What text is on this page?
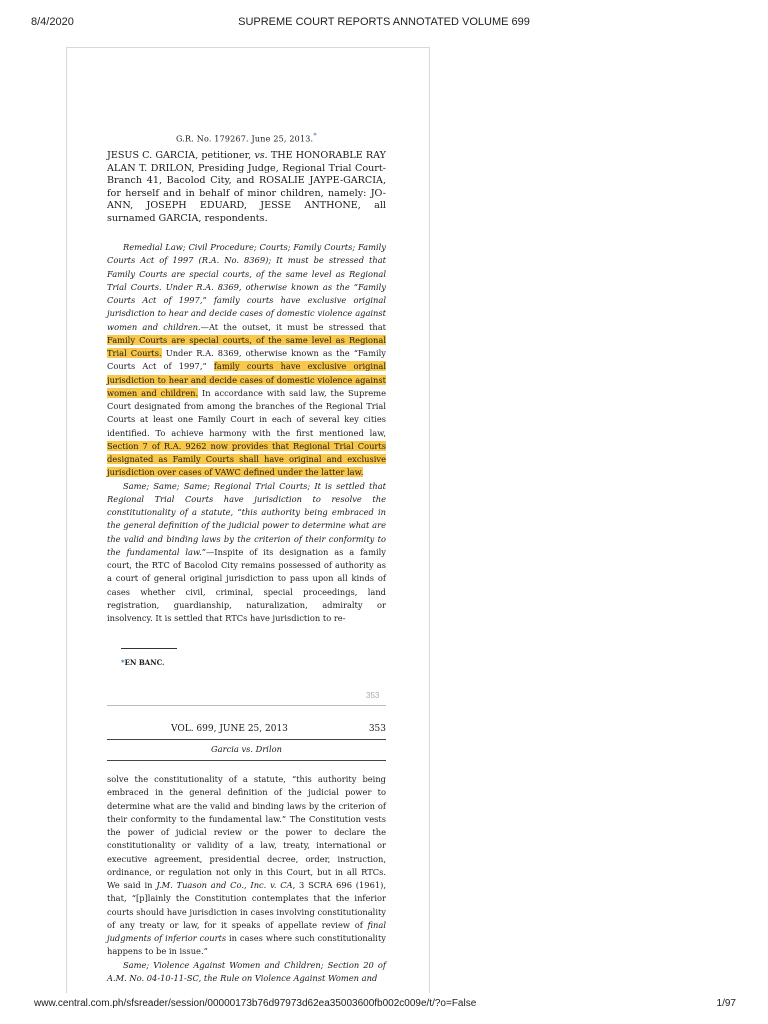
8/4/2020	SUPREME COURT REPORTS ANNOTATED VOLUME 699
G.R. No. 179267. June 25, 2013.*
JESUS C. GARCIA, petitioner, vs. THE HONORABLE RAY ALAN T. DRILON, Presiding Judge, Regional Trial Court-Branch 41, Bacolod City, and ROSALIE JAYPE-GARCIA, for herself and in behalf of minor children, namely: JO-ANN, JOSEPH EDUARD, JESSE ANTHONE, all surnamed GARCIA, respondents.

Remedial Law; Civil Procedure; Courts; Family Courts; Family Courts Act of 1997 (R.A. No. 8369); It must be stressed that Family Courts are special courts, of the same level as Regional Trial Courts. Under R.A. 8369, otherwise known as the “Family Courts Act of 1997,” family courts have exclusive original jurisdiction to hear and decide cases of domestic violence against women and children.—At the outset, it must be stressed that Family Courts are special courts, of the same level as Regional Trial Courts. Under R.A. 8369, otherwise known as the “Family Courts Act of 1997,” family courts have exclusive original jurisdiction to hear and decide cases of domestic violence against women and children. In accordance with said law, the Supreme Court designated from among the branches of the Regional Trial Courts at least one Family Court in each of several key cities identified. To achieve harmony with the first mentioned law, Section 7 of R.A. 9262 now provides that Regional Trial Courts designated as Family Courts shall have original and exclusive jurisdiction over cases of VAWC defined under the latter law.

Same; Same; Same; Regional Trial Courts; It is settled that Regional Trial Courts have jurisdiction to resolve the constitutionality of a statute, “this authority being embraced in the general definition of the judicial power to determine what are the valid and binding laws by the criterion of their conformity to the fundamental law.”—Inspite of its designation as a family court, the RTC of Bacolod City remains possessed of authority as a court of general original jurisdiction to pass upon all kinds of cases whether civil, criminal, special proceedings, land registration, guardianship, naturalization, admiralty or insolvency. It is settled that RTCs have jurisdiction to re-

*EN BANC.
353
VOL. 699, JUNE 25, 2013	353
Garcia vs. Drilon

solve the constitutionality of a statute, “this authority being embraced in the general definition of the judicial power to determine what are the valid and binding laws by the criterion of their conformity to the fundamental law.” The Constitution vests the power of judicial review or the power to declare the constitutionality or validity of a law, treaty, international or executive agreement, presidential decree, order, instruction, ordinance, or regulation not only in this Court, but in all RTCs. We said in J.M. Tuason and Co., Inc. v. CA, 3 SCRA 696 (1961), that, “[p]lainly the Constitution contemplates that the inferior courts should have jurisdiction in cases involving constitutionality of any treaty or law, for it speaks of appellate review of final judgments of inferior courts in cases where such constitutionality happens to be in issue.”

Same; Violence Against Women and Children; Section 20 of A.M. No. 04-10-11-SC, the Rule on Violence Against Women and

www.central.com.ph/sfsreader/session/00000173b76d97973d62ea35003600fb002c009e/t/?o=False	1/97
